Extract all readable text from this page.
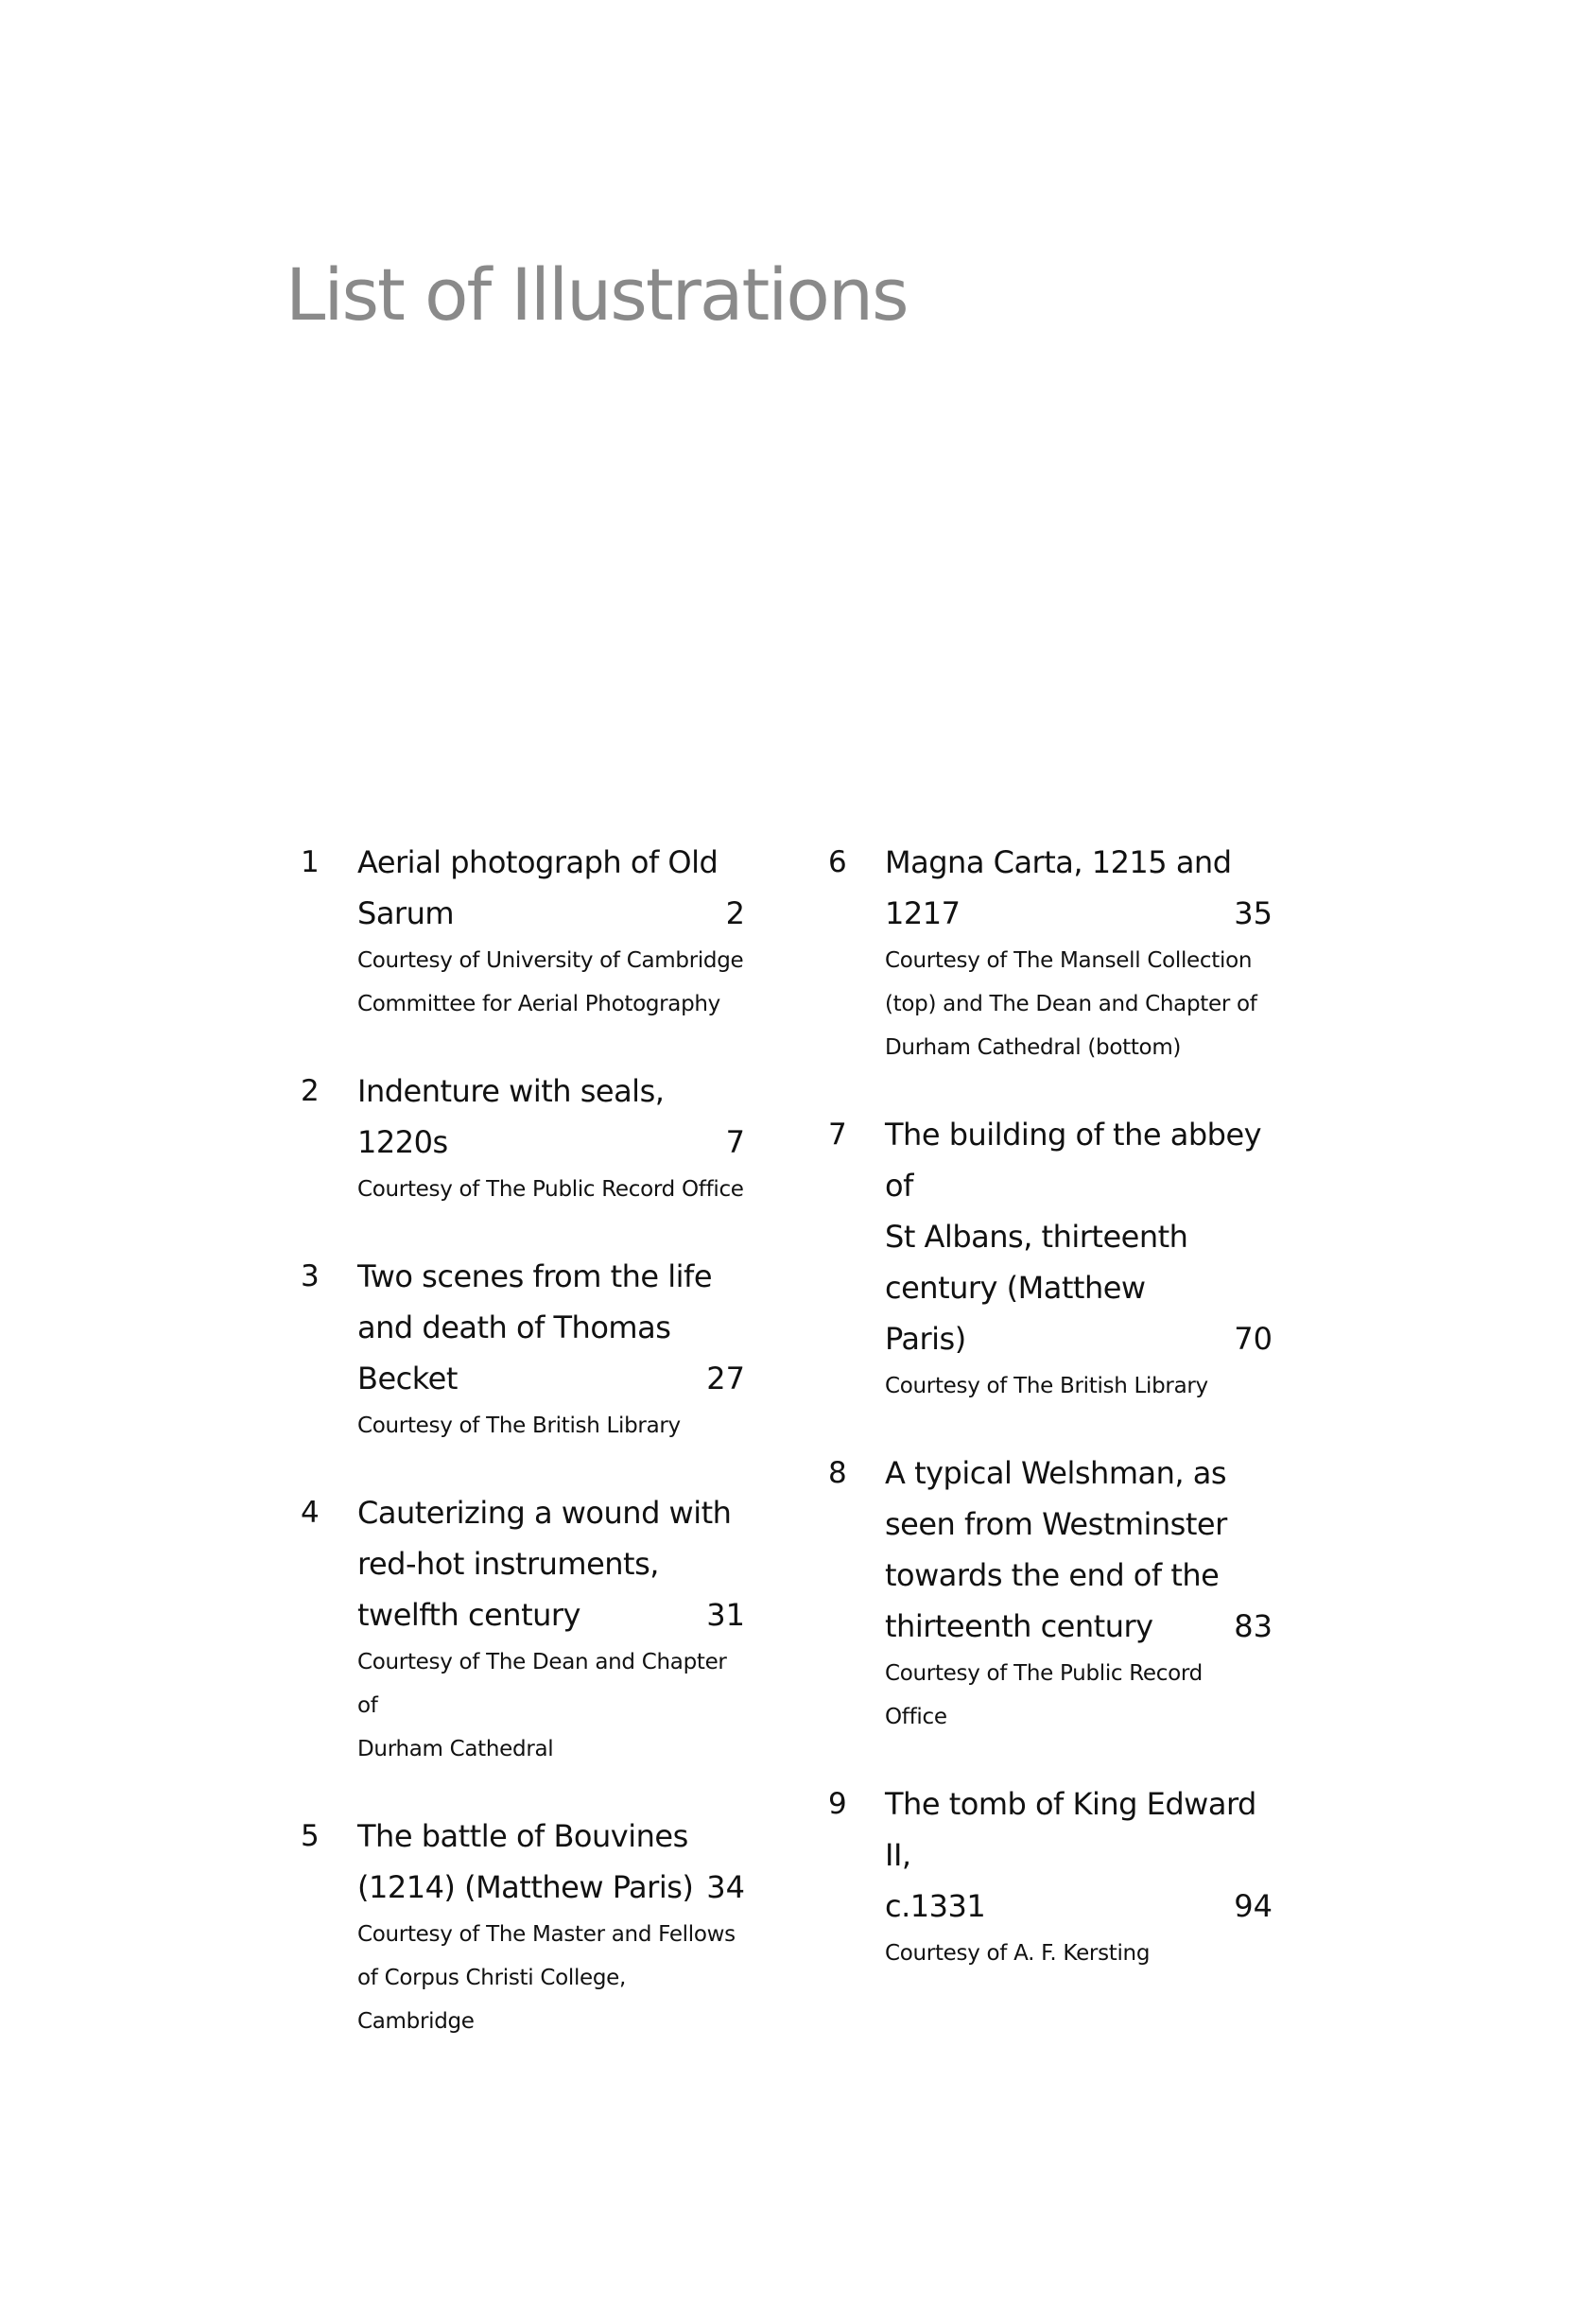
List of Illustrations
1 Aerial photograph of Old
Sarum	2
Courtesy of University of Cambridge
Committee for Aerial Photography
2 Indenture with seals,
1220s	7
Courtesy of The Public Record Office
3 Two scenes from the life
and death of Thomas
Becket	27
Courtesy of The British Library
4 Cauterizing a wound with
red-hot instruments,
twelfth century	31
Courtesy of The Dean and Chapter of
Durham Cathedral
5 The battle of Bouvines
(1214) (Matthew Paris) 34
Courtesy of The Master and Fellows
of Corpus Christi College, Cambridge
6 Magna Carta, 1215 and
1217	35
Courtesy of The Mansell Collection
(top) and The Dean and Chapter of
Durham Cathedral (bottom)
7 The building of the abbey of
St Albans, thirteenth
century (Matthew
Paris)	70
Courtesy of The British Library
8 A typical Welshman, as
seen from Westminster
towards the end of the
thirteenth century	83
Courtesy of The Public Record
Office
9 The tomb of King Edward II,
c.1331	94
Courtesy of A. F. Kersting
